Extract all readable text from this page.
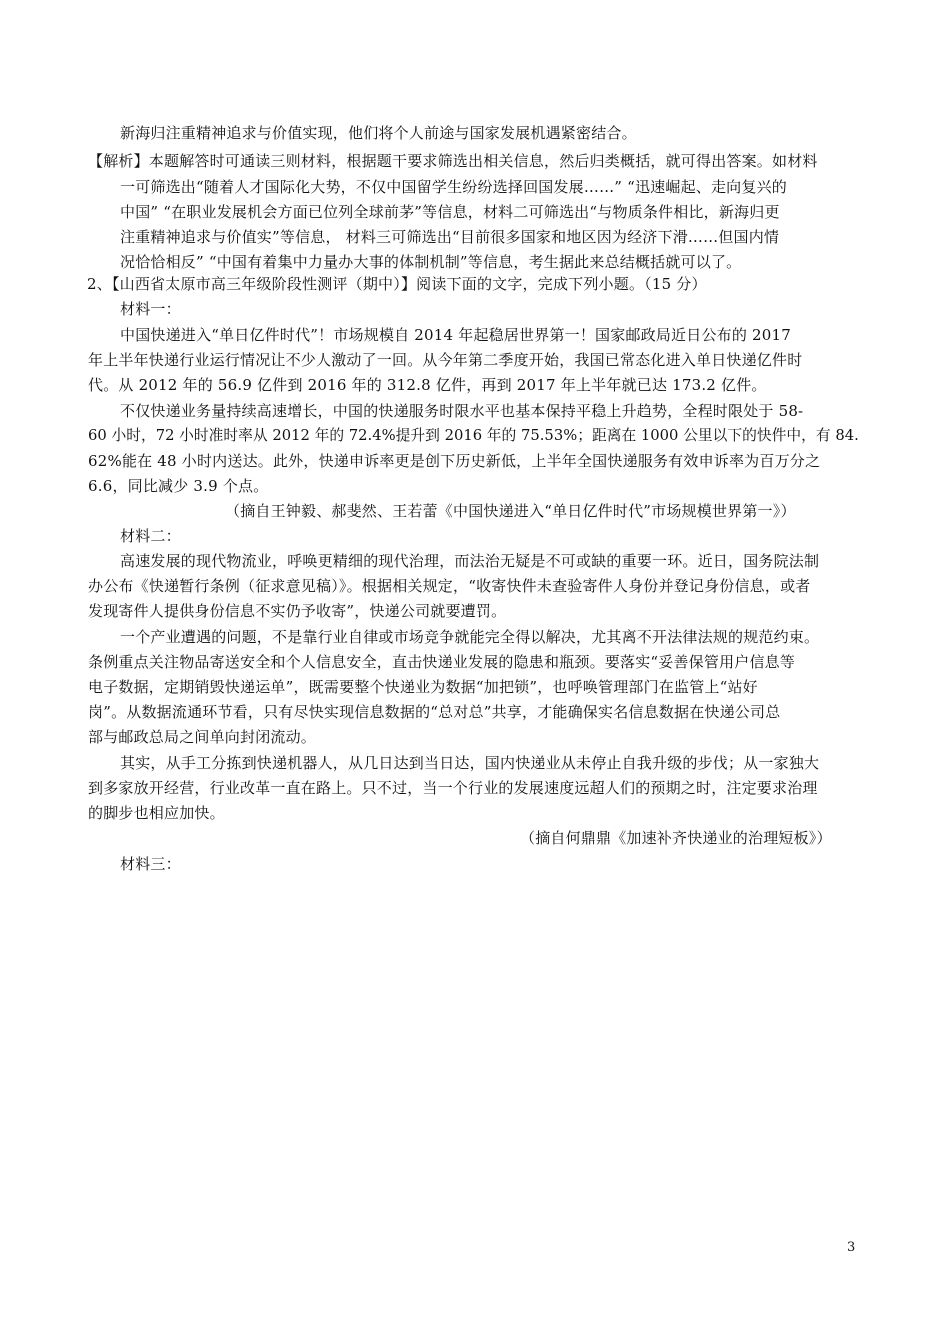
新海归注重精神追求与价值实现，他们将个人前途与国家发展机遇紧密结合。
【解析】本题解答时可通读三则材料，根据题干要求筛选出相关信息，然后归类概括，就可得出答案。如材料
一可筛选出“随着人才国际化大势，不仅中国留学生纷纷选择回国发展……” “迅速崛起、走向复兴的
中国” “在职业发展机会方面已位列全球前茅”等信息，材料二可筛选出“与物质条件相比，新海归更
注重精神追求与价值实”等信息， 材料三可筛选出“目前很多国家和地区因为经济下滑……但国内情
况恰恰相反” “中国有着集中力量办大事的体制机制”等信息，考生据此来总结概括就可以了。
2、【山西省太原市高三年级阶段性测评（期中）】阅读下面的文字，完成下列小题。（15 分）
材料一：
中国快递进入“单日亿件时代”！市场规模自 2014 年起稳居世界第一！国家邮政局近日公布的 2017
年上半年快递行业运行情况让不少人激动了一回。从今年第二季度开始，我国已常态化进入单日快递亿件时
代。从 2012 年的 56.9 亿件到 2016 年的 312.8 亿件，再到 2017 年上半年就已达 173.2 亿件。
不仅快递业务量持续高速增长，中国的快递服务时限水平也基本保持平稳上升趋势，全程时限处于 58-
60 小时，72 小时准时率从 2012 年的 72.4%提升到 2016 年的 75.53%；距离在 1000 公里以下的快件中，有 84.
62%能在 48 小时内送达。此外，快递申诉率更是创下历史新低，上半年全国快递服务有效申诉率为百万分之
6.6，同比减少 3.9 个点。
（摘自王钟毅、郝斐然、王若蕾《中国快递进入“单日亿件时代”市场规模世界第一》）
材料二：
高速发展的现代物流业，呼唤更精细的现代治理，而法治无疑是不可或缺的重要一环。近日，国务院法制
办公布《快递暂行条例（征求意见稿）》。根据相关规定，“收寄快件未查验寄件人身份并登记身份信息，或者
发现寄件人提供身份信息不实仍予收寄”，快递公司就要遭罚。
一个产业遭遇的问题，不是靠行业自律或市场竞争就能完全得以解决，尤其离不开法律法规的规范约束。
条例重点关注物品寄送安全和个人信息安全，直击快递业发展的隐患和瓶颈。要落实“妥善保管用户信息等
电子数据，定期销毁快递运单”，既需要整个快递业为数据“加把锁”，也呼唤管理部门在监管上“站好
岗”。从数据流通环节看，只有尽快实现信息数据的“总对总”共享，才能确保实名信息数据在快递公司总
部与邮政总局之间单向封闭流动。
其实，从手工分拣到快递机器人，从几日达到当日达，国内快递业从未停止自我升级的步伐；从一家独大
到多家放开经营，行业改革一直在路上。只不过，当一个行业的发展速度远超人们的预期之时，注定要求治理
的脚步也相应加快。
（摘自何鼎鼎《加速补齐快递业的治理短板》）
材料三：
3
